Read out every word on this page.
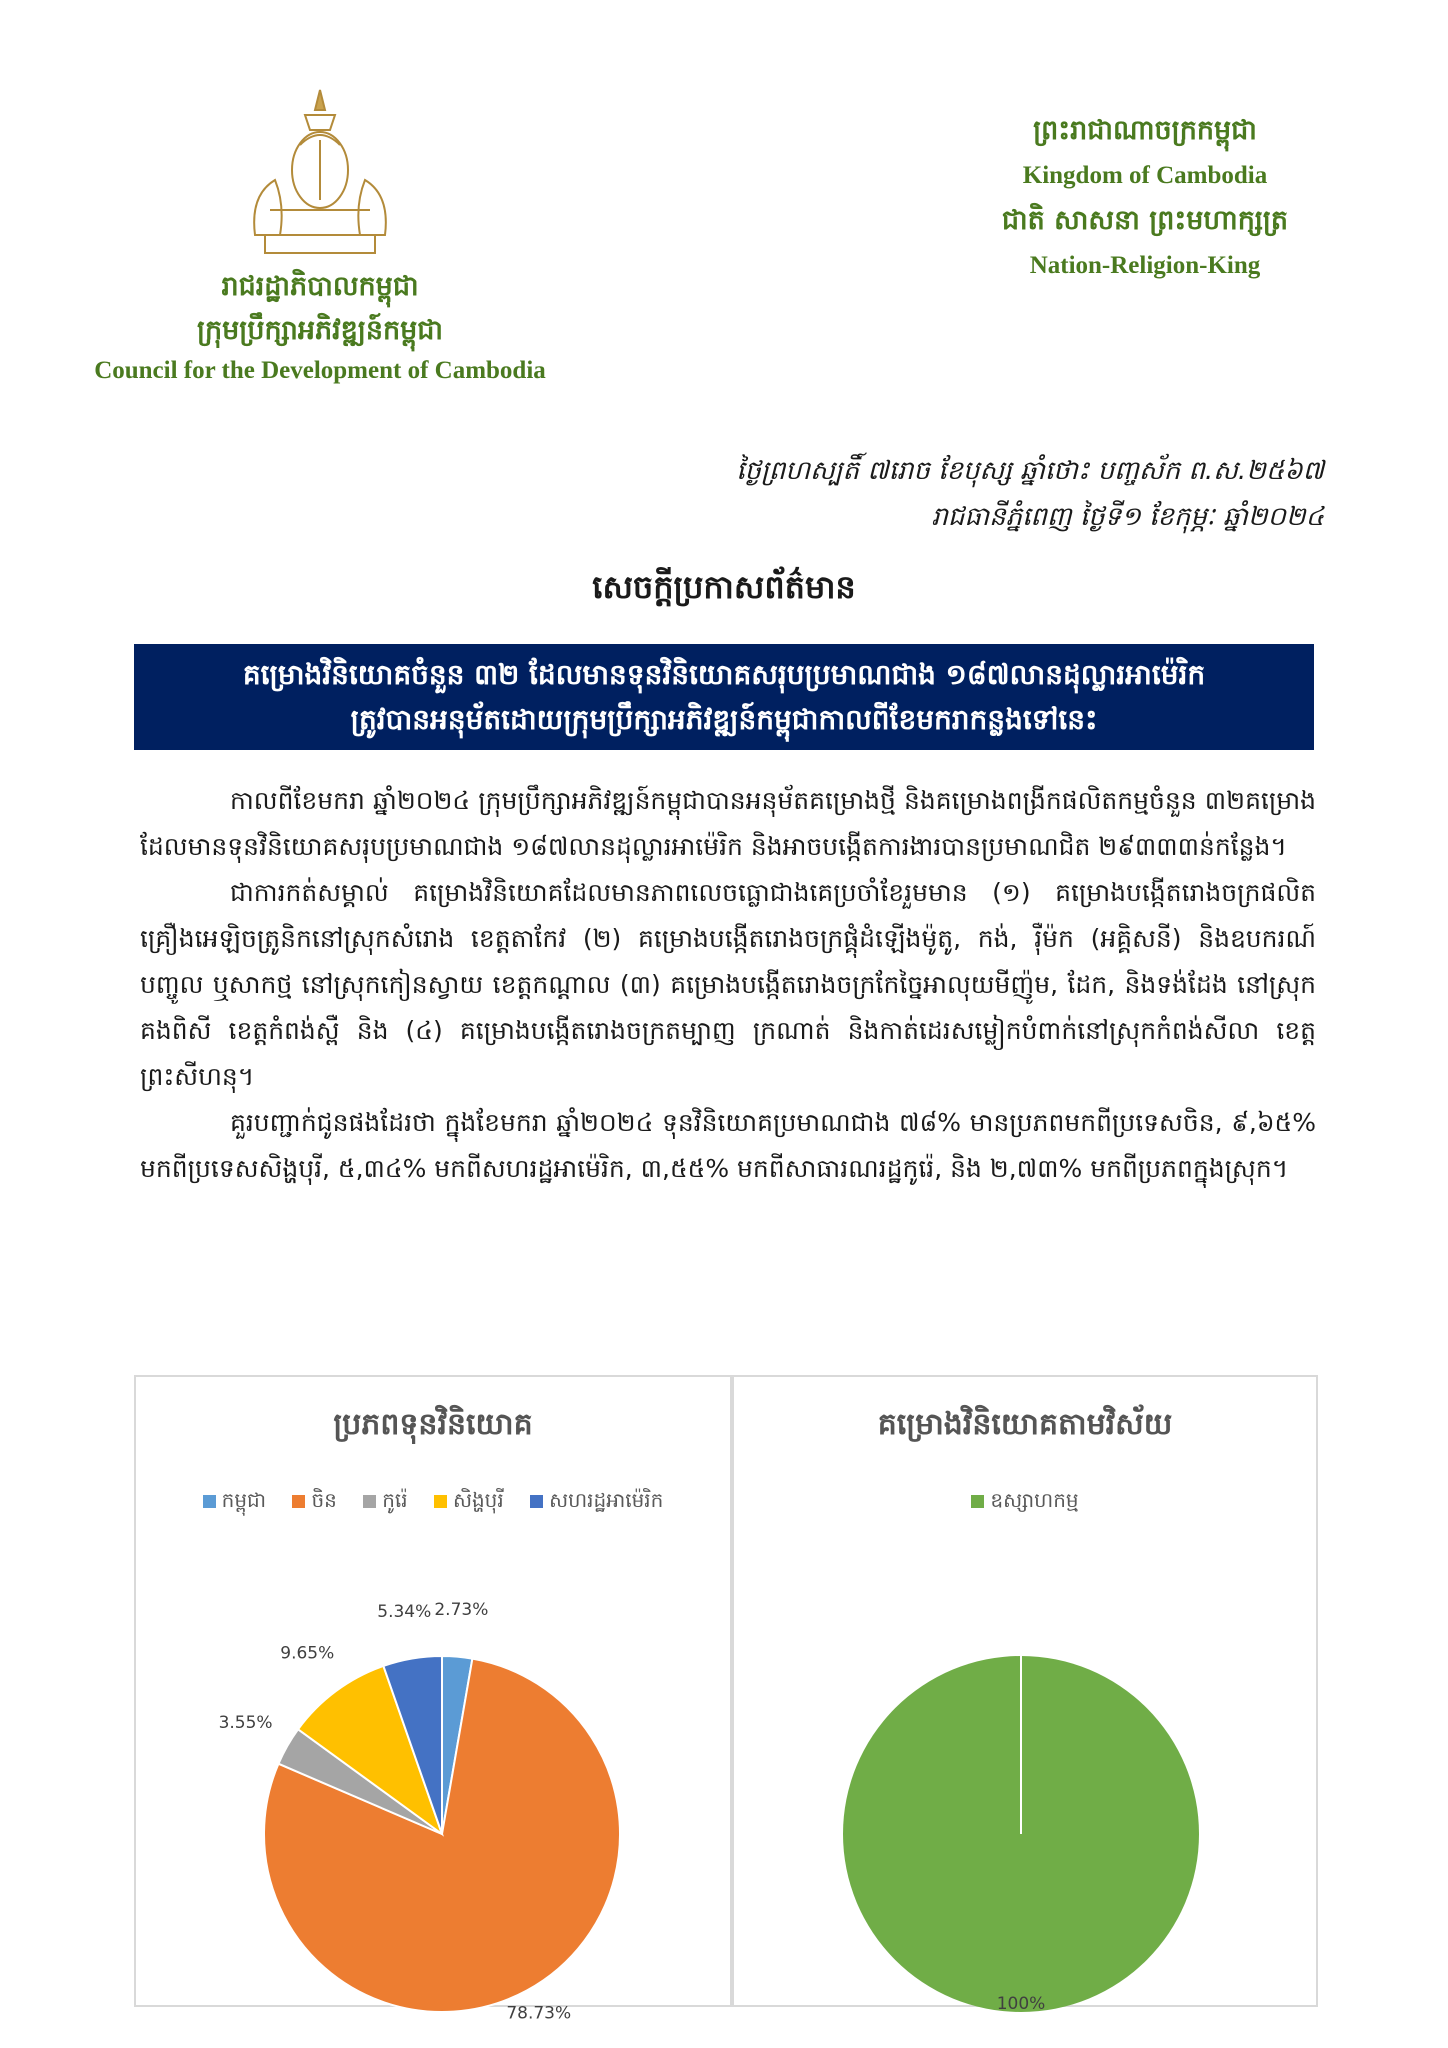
រាជរដ្ឋាភិបាលកម្ពុជា
ក្រុមប្រឹក្សាអភិវឌ្ឍន៍កម្ពុជា
Council for the Development of Cambodia
ព្រះរាជាណាចក្រកម្ពុជា
Kingdom of Cambodia
ជាតិ សាសនា ព្រះមហាក្សត្រ
Nation-Religion-King
ថ្ងៃព្រហស្បតិ៍ ៧រោច ខែបុស្ស ឆ្នាំថោះ បញ្ចស័ក ព.ស.២៥៦៧
រាជធានីភ្នំពេញ ថ្ងៃទី១ ខែកុម្ភៈ ឆ្នាំ២០២៤
សេចក្តីប្រកាសព័ត៌មាន
គម្រោងវិនិយោគចំនួន ៣២ ដែលមានទុនវិនិយោគសរុបប្រមាណជាង ១៨៧លានដុល្លារអាម៉េរិក
ត្រូវបានអនុម័តដោយក្រុមប្រឹក្សាអភិវឌ្ឍន៍កម្ពុជាកាលពីខែមករាកន្លងទៅនេះ

កាលពីខែមករា ឆ្នាំ២០២៤ ក្រុមប្រឹក្សាអភិវឌ្ឍន៍កម្ពុជាបានអនុម័តគម្រោងថ្មី និងគម្រោងពង្រីកផលិតកម្មចំនួន ៣២គម្រោង ដែលមានទុនវិនិយោគសរុបប្រមាណជាង ១៨៧លានដុល្លារអាម៉េរិក និងអាចបង្កើតការងារបានប្រមាណជិត ២៩៣៣៣ន់កន្លែង។

ជាការកត់សម្គាល់ គម្រោងវិនិយោគដែលមានភាពលេចធ្លោជាងគេប្រចាំខែរួមមាន (១) គម្រោងបង្កើតរោងចក្រផលិតគ្រឿងអេឡិចត្រូនិកនៅស្រុកសំរោង ខេត្តតាកែវ (២) គម្រោងបង្កើតរោងចក្រផ្គុំដំឡើងម៉ូតូ, កង់, រ៉ឺម៉ក (អគ្គិសនី) និងឧបករណ៍បញ្ចូល ឬសាកថ្ម នៅស្រុកកៀនស្វាយ ខេត្តកណ្តាល (៣) គម្រោងបង្កើតរោងចក្រកែច្នៃអាលុយមីញ៉ូម, ដែក, និងទង់ដែង នៅស្រុកគងពិសី ខេត្តកំពង់ស្ពឺ និង (៤) គម្រោងបង្កើតរោងចក្រតម្បាញ ក្រណាត់ និងកាត់ដេរសម្លៀកបំពាក់នៅស្រុកកំពង់សីលា ខេត្តព្រះសីហនុ។

គួរបញ្ជាក់ជូនផងដែរថា ក្នុងខែមករា ឆ្នាំ២០២៤ ទុនវិនិយោគប្រមាណជាង ៧៨% មានប្រភពមកពីប្រទេសចិន, ៩,៦៥% មកពីប្រទេសសិង្ហបុរី, ៥,៣៤% មកពីសហរដ្ឋអាម៉េរិក, ៣,៥៥% មកពីសាធារណរដ្ឋកូរ៉េ, និង ២,៧៣% មកពីប្រភពក្នុងស្រុក។

ប្រភពទុនវិនិយោគ
កម្ពុជា ចិន កូរ៉េ សិង្ហបុរី សហរដ្ឋអាម៉េរិក
2.73%
78.73%
3.55%
9.65%
5.34%
គម្រោងវិនិយោគតាមវិស័យ
ឧស្សាហកម្ម
100%
